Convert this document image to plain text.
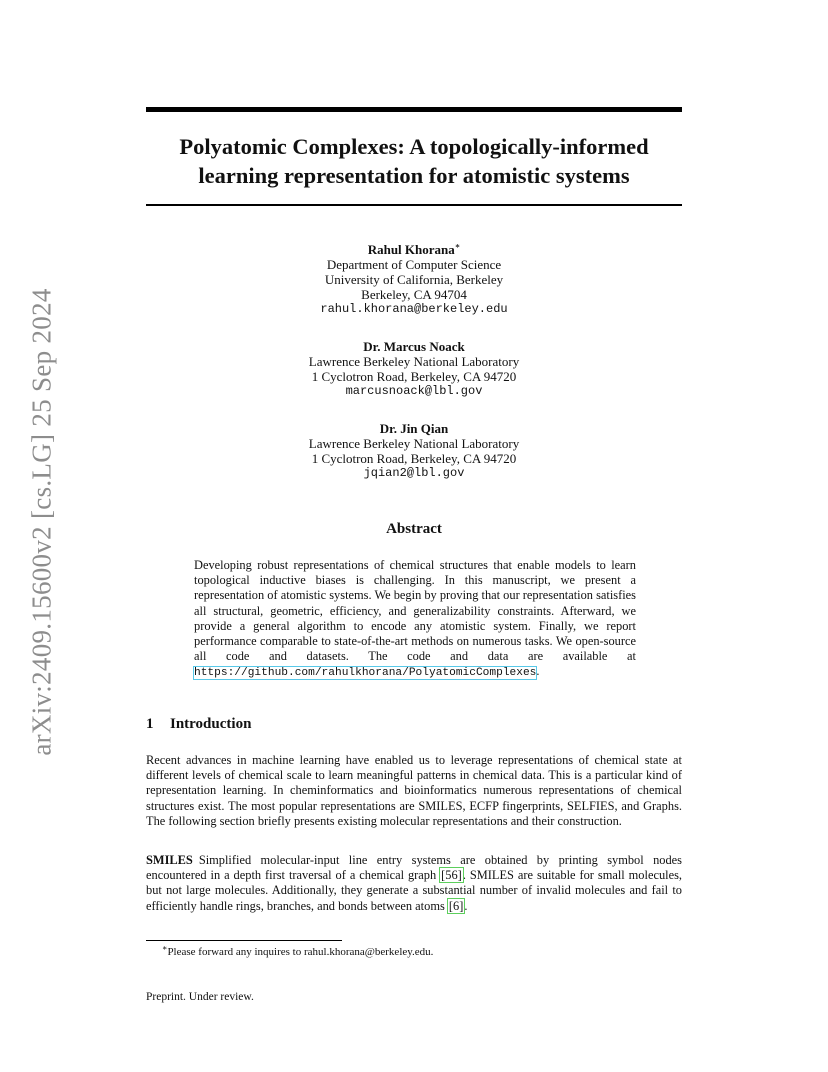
arXiv:2409.15600v2 [cs.LG] 25 Sep 2024
Polyatomic Complexes: A topologically-informed
learning representation for atomistic systems
Rahul Khorana∗
Department of Computer Science
University of California, Berkeley
Berkeley, CA 94704
rahul.khorana@berkeley.edu
Dr. Marcus Noack
Lawrence Berkeley National Laboratory
1 Cyclotron Road, Berkeley, CA 94720
marcusnoack@lbl.gov
Dr. Jin Qian
Lawrence Berkeley National Laboratory
1 Cyclotron Road, Berkeley, CA 94720
jqian2@lbl.gov
Abstract

Developing robust representations of chemical structures that enable models to learn topological inductive biases is challenging. In this manuscript, we present a representation of atomistic systems. We begin by proving that our representation satisfies all structural, geometric, efficiency, and generalizability constraints. Afterward, we provide a general algorithm to encode any atomistic system. Finally, we report performance comparable to state-of-the-art methods on numerous tasks. We open-source all code and datasets. The code and data are available at https://github.com/rahulkhorana/PolyatomicComplexes.

1 Introduction

Recent advances in machine learning have enabled us to leverage representations of chemical state at different levels of chemical scale to learn meaningful patterns in chemical data. This is a particular kind of representation learning. In cheminformatics and bioinformatics numerous representations of chemical structures exist. The most popular representations are SMILES, ECFP fingerprints, SELFIES, and Graphs. The following section briefly presents existing molecular representations and their construction.

SMILES Simplified molecular-input line entry systems are obtained by printing symbol nodes encountered in a depth first traversal of a chemical graph [56]. SMILES are suitable for small molecules, but not large molecules. Additionally, they generate a substantial number of invalid molecules and fail to efficiently handle rings, branches, and bonds between atoms [6].

∗Please forward any inquires to rahul.khorana@berkeley.edu.

Preprint. Under review.
